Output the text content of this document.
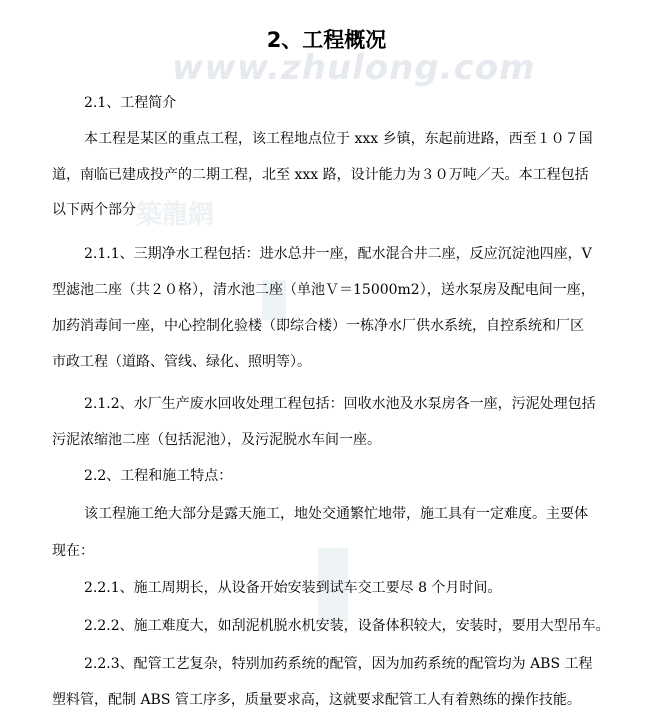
www.zhulong.com
築龍網
2、工程概况
2.1、工程简介
本工程是某区的重点工程，该工程地点位于 xxx 乡镇，东起前进路，西至１０７国
道，南临已建成投产的二期工程，北至 xxx 路，设计能力为３０万吨／天。本工程包括
以下两个部分
2.1.1、三期净水工程包括：进水总井一座，配水混合井二座，反应沉淀池四座，V
型滤池二座（共２０格），清水池二座（单池Ｖ＝15000m2），送水泵房及配电间一座，
加药消毒间一座，中心控制化验楼（即综合楼）一栋净水厂供水系统，自控系统和厂区
市政工程（道路、管线、绿化、照明等）。
2.1.2、水厂生产废水回收处理工程包括：回收水池及水泵房各一座，污泥处理包括
污泥浓缩池二座（包括泥池），及污泥脱水车间一座。
2.2、工程和施工特点：
该工程施工绝大部分是露天施工，地处交通繁忙地带，施工具有一定难度。主要体
现在：
2.2.1、施工周期长，从设备开始安装到试车交工要尽 8 个月时间。
2.2.2、施工难度大，如刮泥机脱水机安装，设备体积较大，安装时，要用大型吊车。
2.2.3、配管工艺复杂，特别加药系统的配管，因为加药系统的配管均为 ABS 工程
塑料管，配制 ABS 管工序多，质量要求高，这就要求配管工人有着熟练的操作技能。
